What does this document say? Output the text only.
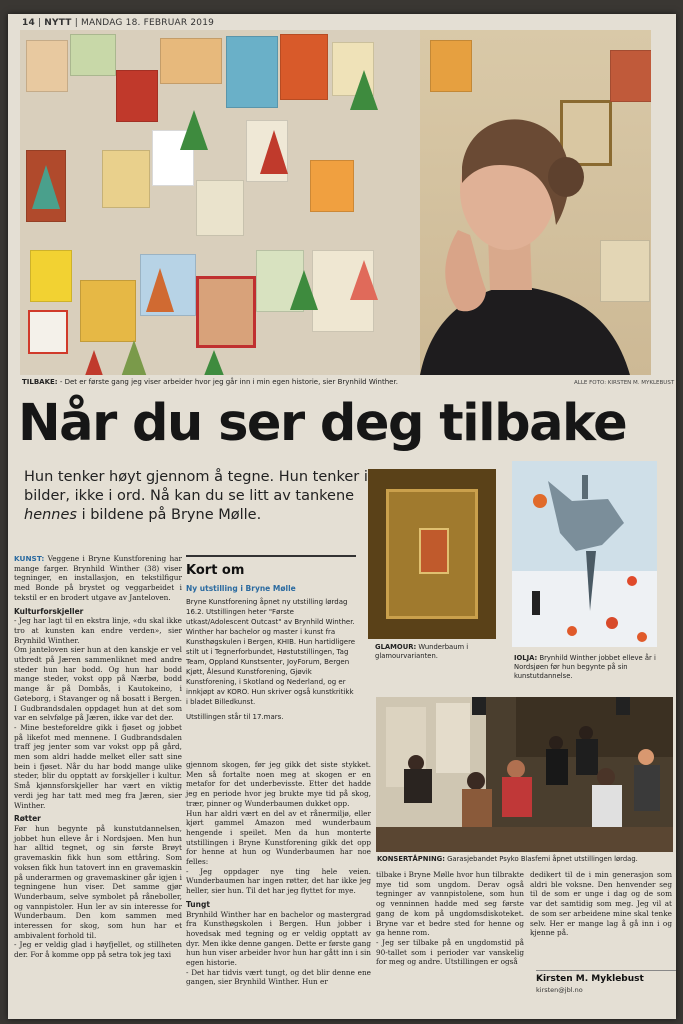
14 | NYTT | MANDAG 18. FEBRUAR 2019
TILBAKE: - Det er første gang jeg viser arbeider hvor jeg går inn i min egen historie, sier Brynhild Winther.	ALLE FOTO: KIRSTEN M. MYKLEBUST
Når du ser deg tilbake
Hun tenker høyt gjennom å tegne. Hun tenker i bilder, ikke i ord. Nå kan du se litt av tankene hennes i bildene på Bryne Mølle.

KUNST: Veggene i Bryne Kunstforening har mange farger. Brynhild Winther (38) viser tegninger, en installasjon, en tekstilfigur med Bonde på brystet og veggarbeidet i tekstil er en brodert utgave av Janteloven.

Kulturforskjeller

- Jeg har lagt til en ekstra linje, «du skal ikke tro at kunsten kan endre verden», sier Brynhild Winther.

Om janteloven sier hun at den kanskje er vel utbredt på Jæren sammenliknet med andre steder hun har bodd. Og hun har bodd mange steder, vokst opp på Nærbø, bodd mange år på Dombås, i Kautokeino, i Gøteborg, i Stavanger og nå bosatt i Bergen. I Gudbrandsdalen oppdaget hun at det som var en selvfølge på Jæren, ikke var det der.

- Mine besteforeldre gikk i fjøset og jobbet på likefot med mennene. I Gudbrandsdalen traff jeg jenter som var vokst opp på gård, men som aldri hadde melket eller satt sine bein i fjøset. Når du har bodd mange ulike steder, blir du opptatt av forskjeller i kultur. Små kjønnsforskjeller har vært en viktig verdi jeg har tatt med meg fra Jæren, sier Winther.

Røtter

Før hun begynte på kunstutdannelsen, jobbet hun elleve år i Nordsjøen. Men hun har alltid tegnet, og sin første Brøyt gravemaskin fikk hun som ettåring. Som voksen fikk hun tatovert inn en gravemaskin på underarmen og gravemaskiner går igjen i tegningene hun viser. Det samme gjør Wunderbaum, selve symbolet på råneboller, og vannpistoler. Hun ler av sin interesse for Wunderbaum. Den kom sammen med interessen for skog, som hun har et ambivalent forhold til.

- Jeg er veldig glad i høyfjellet, og stillheten der. For å komme opp på setra tok jeg taxi

Kort om
Ny utstilling i Bryne Mølle
Bryne Kunstforening åpnet ny utstilling lørdag 16.2. Utstillingen heter "Første utkast/Adolescent Outcast" av Brynhild Winther. Winther har bachelor og master i kunst fra Kunsthøgskulen i Bergen, KHIB. Hun hartidligere stilt ut i Tegnerforbundet, Høstutstillingen, Tag Team, Oppland Kunstsenter, JoyForum, Bergen Kjøtt, Ålesund Kunstforening, Gjøvik Kunstforening, i Skotland og Nederland, og er innkjøpt av KORO. Hun skriver også kunstkritikk i bladet Billedkunst.
Utstillingen står til 17.mars.

gjennom skogen, før jeg gikk det siste stykket. Men så fortalte noen meg at skogen er en metafor for det underbevisste. Etter det hadde jeg en periode hvor jeg brukte mye tid på skog, trær, pinner og Wunderbaumen dukket opp.

Hun har aldri vært en del av et rånermiljø, eller kjørt gammel Amazon med wunderbaum hengende i speilet. Men da hun monterte utstillingen i Bryne Kunstforening gikk det opp for henne at hun og Wunderbaumen har noe felles:

- Jeg oppdager nye ting hele veien. Wunderbaumen har ingen røtter, det har ikke jeg heller, sier hun. Til det har jeg flyttet for mye.

Tungt

Brynhild Winther har en bachelor og mastergrad fra Kunsthøgskolen i Bergen. Hun jobber i hovedsak med tegning og er veldig opptatt av dyr. Men ikke denne gangen. Dette er første gang hun hun viser arbeider hvor hun har gått inn i sin egen historie.

- Det har tidvis vært tungt, og det blir denne ene gangen, sier Brynhild Winther. Hun er

GLAMOUR: Wunderbaum i glamourvarianten.	IOLJA: Brynhild Winther jobbet elleve år i Nordsjøen før hun begynte på sin kunstutdannelse.
KONSERTÅPNING: Garasjebandet Psyko Blasfemi åpnet utstillingen lørdag.

tilbake i Bryne Mølle hvor hun tilbrakte mye tid som ungdom. Derav også tegninger av vannpistolene, som hun og venninnen hadde med seg første gang de kom på ungdomsdiskoteket. Bryne var et bedre sted for henne og ga henne rom.

- Jeg ser tilbake på en ungdomstid på 90-tallet som i perioder var vanskelig for meg og andre. Utstillingen er også

dedikert til de i min generasjon som aldri ble voksne. Den henvender seg til de som er unge i dag og de som var det samtidig som meg. Jeg vil at de som ser arbeidene mine skal tenke selv. Her er mange lag å gå inn i og kjenne på.

Kirsten M. Myklebust
kirsten@jbl.no
